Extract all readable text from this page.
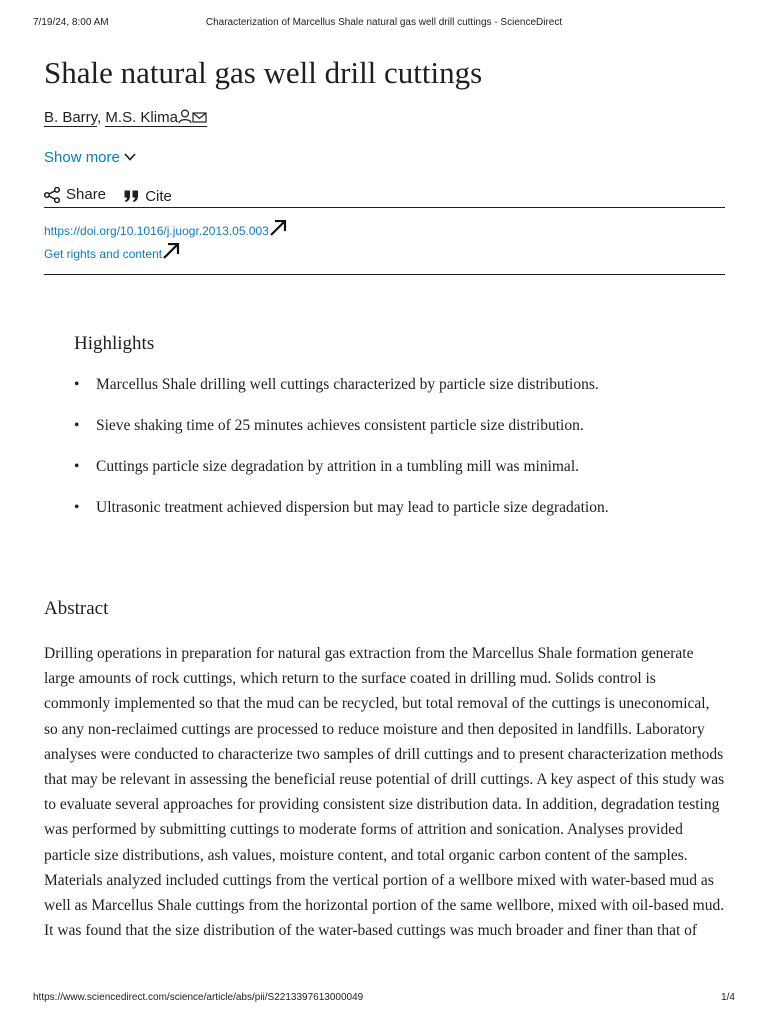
7/19/24, 8:00 AM	Characterization of Marcellus Shale natural gas well drill cuttings - ScienceDirect
Shale natural gas well drill cuttings
B. Barry, M.S. Klima
Show more
Share
	Cite
https://doi.org/10.1016/j.juogr.2013.05.003
Get rights and content
Highlights
• Marcellus Shale drilling well cuttings characterized by particle size distributions.
• Sieve shaking time of 25 minutes achieves consistent particle size distribution.
• Cuttings particle size degradation by attrition in a tumbling mill was minimal.
• Ultrasonic treatment achieved dispersion but may lead to particle size degradation.
Abstract

Drilling operations in preparation for natural gas extraction from the Marcellus Shale formation generate large amounts of rock cuttings, which return to the surface coated in drilling mud. Solids control is commonly implemented so that the mud can be recycled, but total removal of the cuttings is uneconomical, so any non-reclaimed cuttings are processed to reduce moisture and then deposited in landfills. Laboratory analyses were conducted to characterize two samples of drill cuttings and to present characterization methods that may be relevant in assessing the beneficial reuse potential of drill cuttings. A key aspect of this study was to evaluate several approaches for providing consistent size distribution data. In addition, degradation testing was performed by submitting cuttings to moderate forms of attrition and sonication. Analyses provided particle size distributions, ash values, moisture content, and total organic carbon content of the samples. Materials analyzed included cuttings from the vertical portion of a wellbore mixed with water-based mud as well as Marcellus Shale cuttings from the horizontal portion of the same wellbore, mixed with oil-based mud. It was found that the size distribution of the water-based cuttings was much broader and finer than that of

https://www.sciencedirect.com/science/article/abs/pii/S2213397613000049	1/4
